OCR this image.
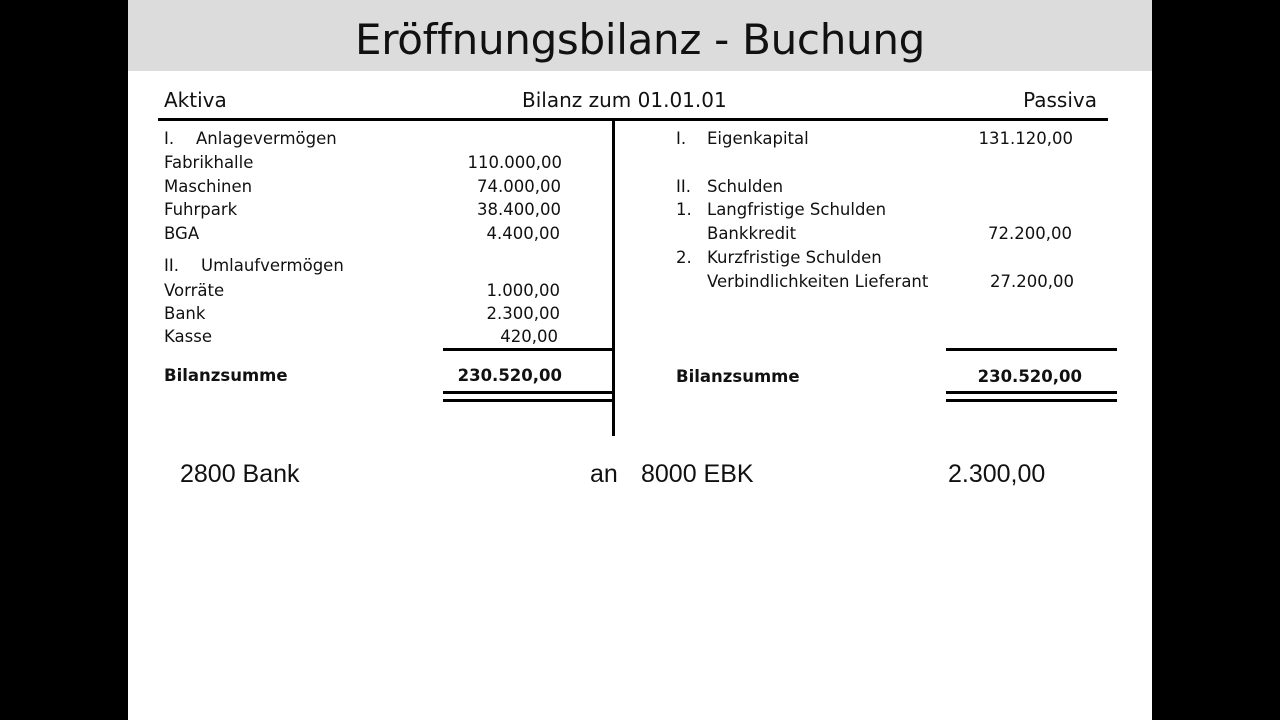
Eröffnungsbilanz - Buchung
Aktiva	Bilanz zum 01.01.01	Passiva
I. Anlagevermögen
Fabrikhalle	110.000,00
Maschinen	74.000,00
Fuhrpark	38.400,00
BGA	4.400,00
II. Umlaufvermögen
Vorräte	1.000,00
Bank	2.300,00
Kasse	420,00
Bilanzsumme	230.520,00
I. Eigenkapital	131.120,00
II. Schulden
1. Langfristige Schulden
Bankkredit	72.200,00
2. Kurzfristige Schulden
Verbindlichkeiten Lieferant	27.200,00
Bilanzsumme	230.520,00
2800 Bank	an 8000 EBK	2.300,00
